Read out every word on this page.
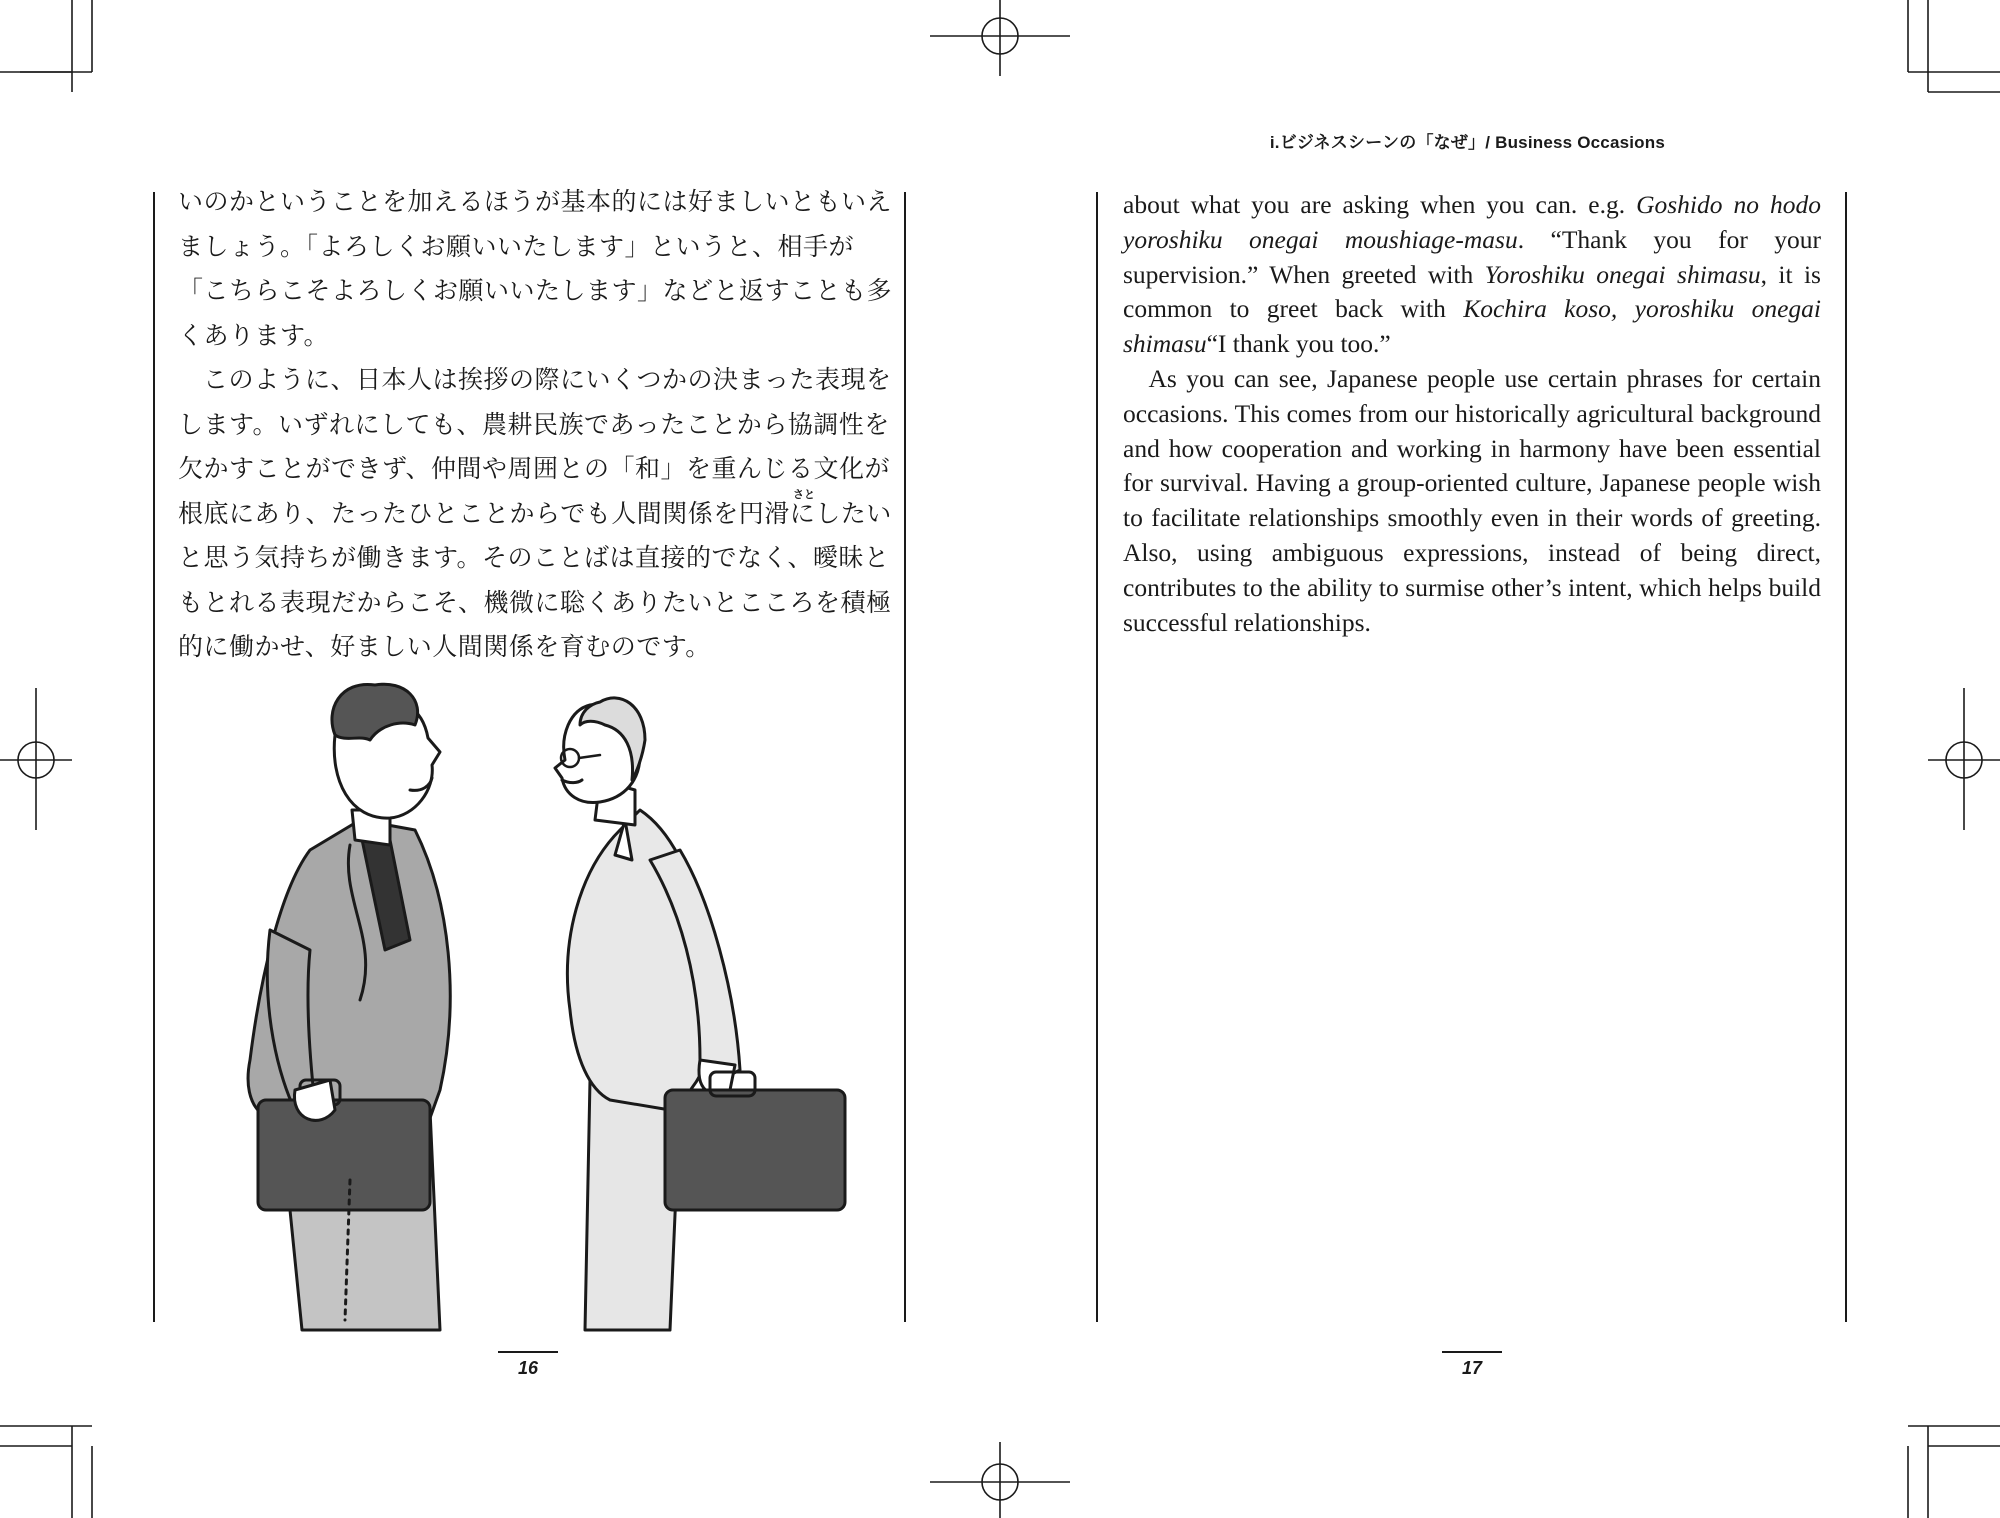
i.ビジネスシーンの「なぜ」/ Business Occasions

いのかということを加えるほうが基本的には好ましいともいえましょう。「よろしくお願いいたします」というと、相手が「こちらこそよろしくお願いいたします」などと返すことも多くあります。

このように、日本人は挨拶の際にいくつかの決まった表現をします。いずれにしても、農耕民族であったことから協調性を欠かすことができず、仲間や周囲との「和」を重んじる文化が根底にあり、たったひとことからでも人間関係を円滑にしたいと思う気持ちが働きます。そのことばは直接的でなく、曖昧ともとれる表現だからこそ、機微に聡くありたいとこころを積極的に働かせ、好ましい人間関係を育むのです。

さと

about what you are asking when you can. e.g. Goshido no hodo yoroshiku onegai moushiage-masu. “Thank you for your supervision.” When greeted with Yoroshiku onegai shimasu, it is common to greet back with Kochira koso, yoroshiku onegai shimasu“I thank you too.”

As you can see, Japanese people use certain phrases for certain occasions. This comes from our historically agricultural background and how cooperation and working in harmony have been essential for survival. Having a group-oriented culture, Japanese people wish to facilitate relationships smoothly even in their words of greeting. Also, using ambiguous expressions, instead of being direct, contributes to the ability to surmise other’s intent, which helps build successful relationships.

16	17
